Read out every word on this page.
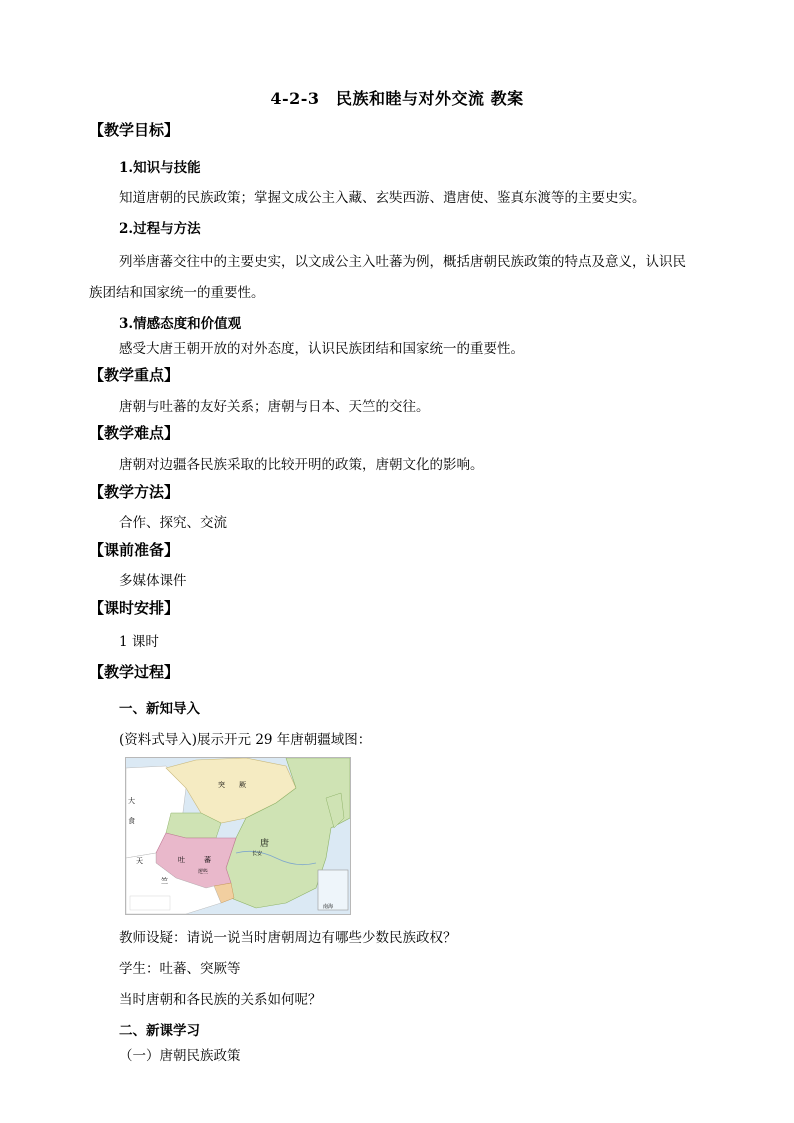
4-2-3　民族和睦与对外交流 教案
【教学目标】
1.知识与技能
知道唐朝的民族政策；掌握文成公主入藏、玄奘西游、遣唐使、鉴真东渡等的主要史实。
2.过程与方法
列举唐蕃交往中的主要史实，以文成公主入吐蕃为例，概括唐朝民族政策的特点及意义，认识民
族团结和国家统一的重要性。
3.情感态度和价值观
感受大唐王朝开放的对外态度，认识民族团结和国家统一的重要性。
【教学重点】
唐朝与吐蕃的友好关系；唐朝与日本、天竺的交往。
【教学难点】
唐朝对边疆各民族采取的比较开明的政策，唐朝文化的影响。
【教学方法】
合作、探究、交流
【课前准备】
多媒体课件
【课时安排】
1 课时
【教学过程】
一、新知导入
(资料式导入)展示开元 29 年唐朝疆域图：
突　　厥
大
食
天
竺
吐	蕃
唐
长安
逻些
南海
教师设疑：请说一说当时唐朝周边有哪些少数民族政权？
学生：吐蕃、突厥等
当时唐朝和各民族的关系如何呢？
二、新课学习
（一）唐朝民族政策
